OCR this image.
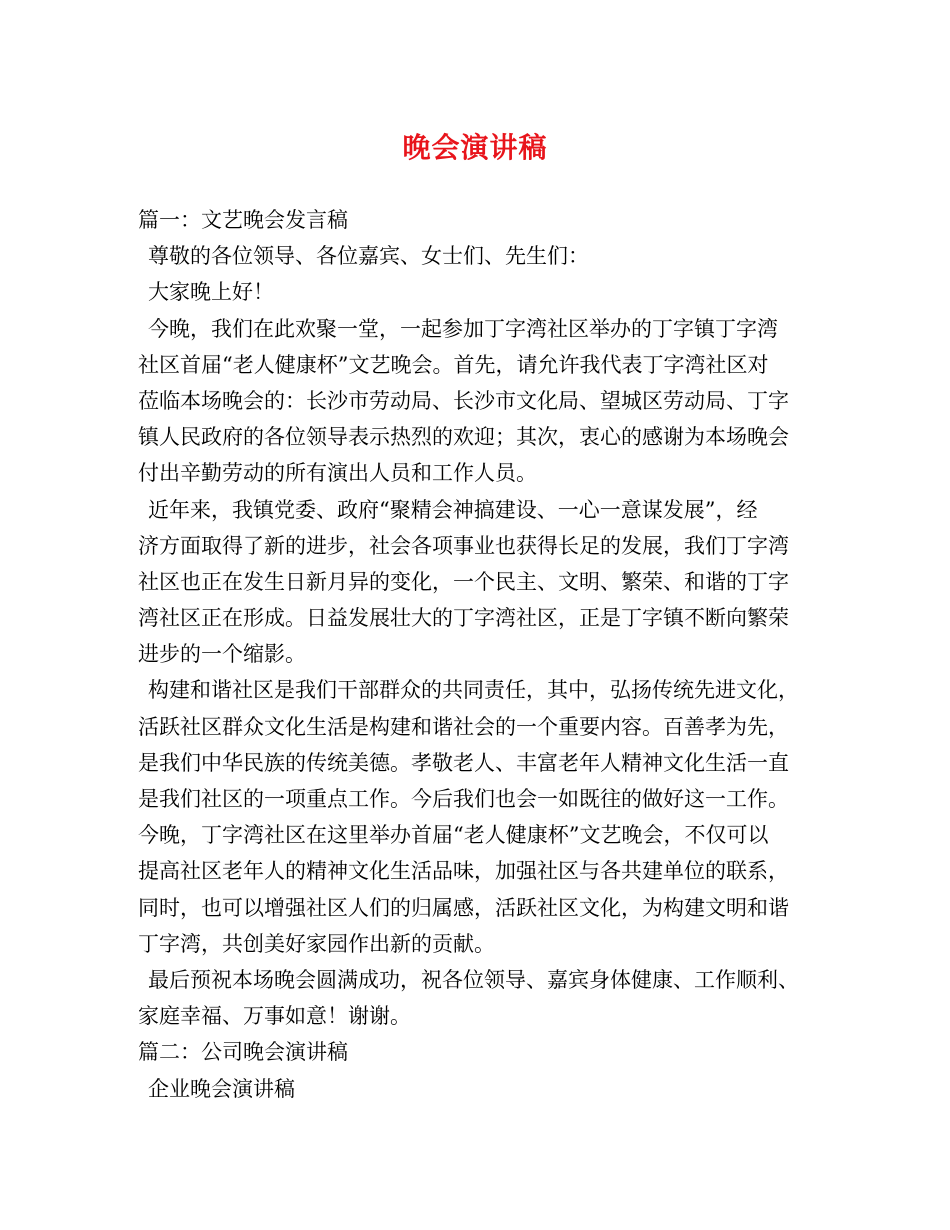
晚会演讲稿
篇一：文艺晚会发言稿
尊敬的各位领导、各位嘉宾、女士们、先生们：
大家晚上好！
今晚，我们在此欢聚一堂，一起参加丁字湾社区举办的丁字镇丁字湾
社区首届“老人健康杯”文艺晚会。首先，请允许我代表丁字湾社区对
莅临本场晚会的：长沙市劳动局、长沙市文化局、望城区劳动局、丁字
镇人民政府的各位领导表示热烈的欢迎；其次，衷心的感谢为本场晚会
付出辛勤劳动的所有演出人员和工作人员。
近年来，我镇党委、政府“聚精会神搞建设、一心一意谋发展”，经
济方面取得了新的进步，社会各项事业也获得长足的发展，我们丁字湾
社区也正在发生日新月异的变化，一个民主、文明、繁荣、和谐的丁字
湾社区正在形成。日益发展壮大的丁字湾社区，正是丁字镇不断向繁荣
进步的一个缩影。
构建和谐社区是我们干部群众的共同责任，其中，弘扬传统先进文化，
活跃社区群众文化生活是构建和谐社会的一个重要内容。百善孝为先，
是我们中华民族的传统美德。孝敬老人、丰富老年人精神文化生活一直
是我们社区的一项重点工作。今后我们也会一如既往的做好这一工作。
今晚，丁字湾社区在这里举办首届“老人健康杯”文艺晚会，不仅可以
提高社区老年人的精神文化生活品味，加强社区与各共建单位的联系，
同时，也可以增强社区人们的归属感，活跃社区文化，为构建文明和谐
丁字湾，共创美好家园作出新的贡献。
最后预祝本场晚会圆满成功，祝各位领导、嘉宾身体健康、工作顺利、
家庭幸福、万事如意！谢谢。
篇二：公司晚会演讲稿
企业晚会演讲稿
